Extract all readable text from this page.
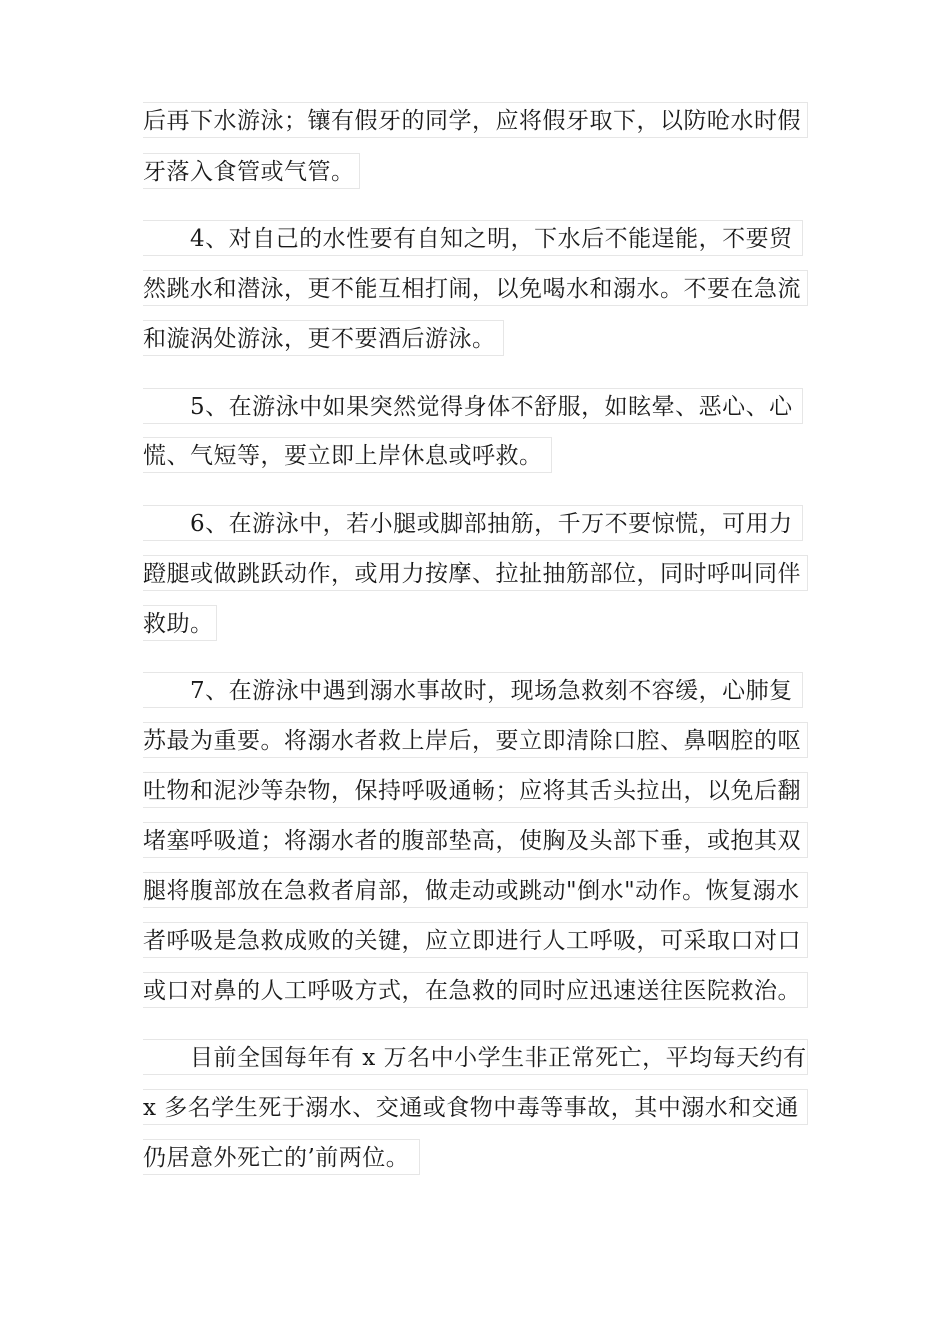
后再下水游泳；镶有假牙的同学，应将假牙取下，以防呛水时假
牙落入食管或气管。
4、对自己的水性要有自知之明，下水后不能逞能，不要贸
然跳水和潜泳，更不能互相打闹，以免喝水和溺水。不要在急流
和漩涡处游泳，更不要酒后游泳。
5、在游泳中如果突然觉得身体不舒服，如眩晕、恶心、心
慌、气短等，要立即上岸休息或呼救。
6、在游泳中，若小腿或脚部抽筋，千万不要惊慌，可用力
蹬腿或做跳跃动作，或用力按摩、拉扯抽筋部位，同时呼叫同伴
救助。
7、在游泳中遇到溺水事故时，现场急救刻不容缓，心肺复
苏最为重要。将溺水者救上岸后，要立即清除口腔、鼻咽腔的呕
吐物和泥沙等杂物，保持呼吸通畅；应将其舌头拉出，以免后翻
堵塞呼吸道；将溺水者的腹部垫高，使胸及头部下垂，或抱其双
腿将腹部放在急救者肩部，做走动或跳动"倒水"动作。恢复溺水
者呼吸是急救成败的关键，应立即进行人工呼吸，可采取口对口
或口对鼻的人工呼吸方式，在急救的同时应迅速送往医院救治。
目前全国每年有 x 万名中小学生非正常死亡，平均每天约有
x 多名学生死于溺水、交通或食物中毒等事故，其中溺水和交通
仍居意外死亡的’前两位。
